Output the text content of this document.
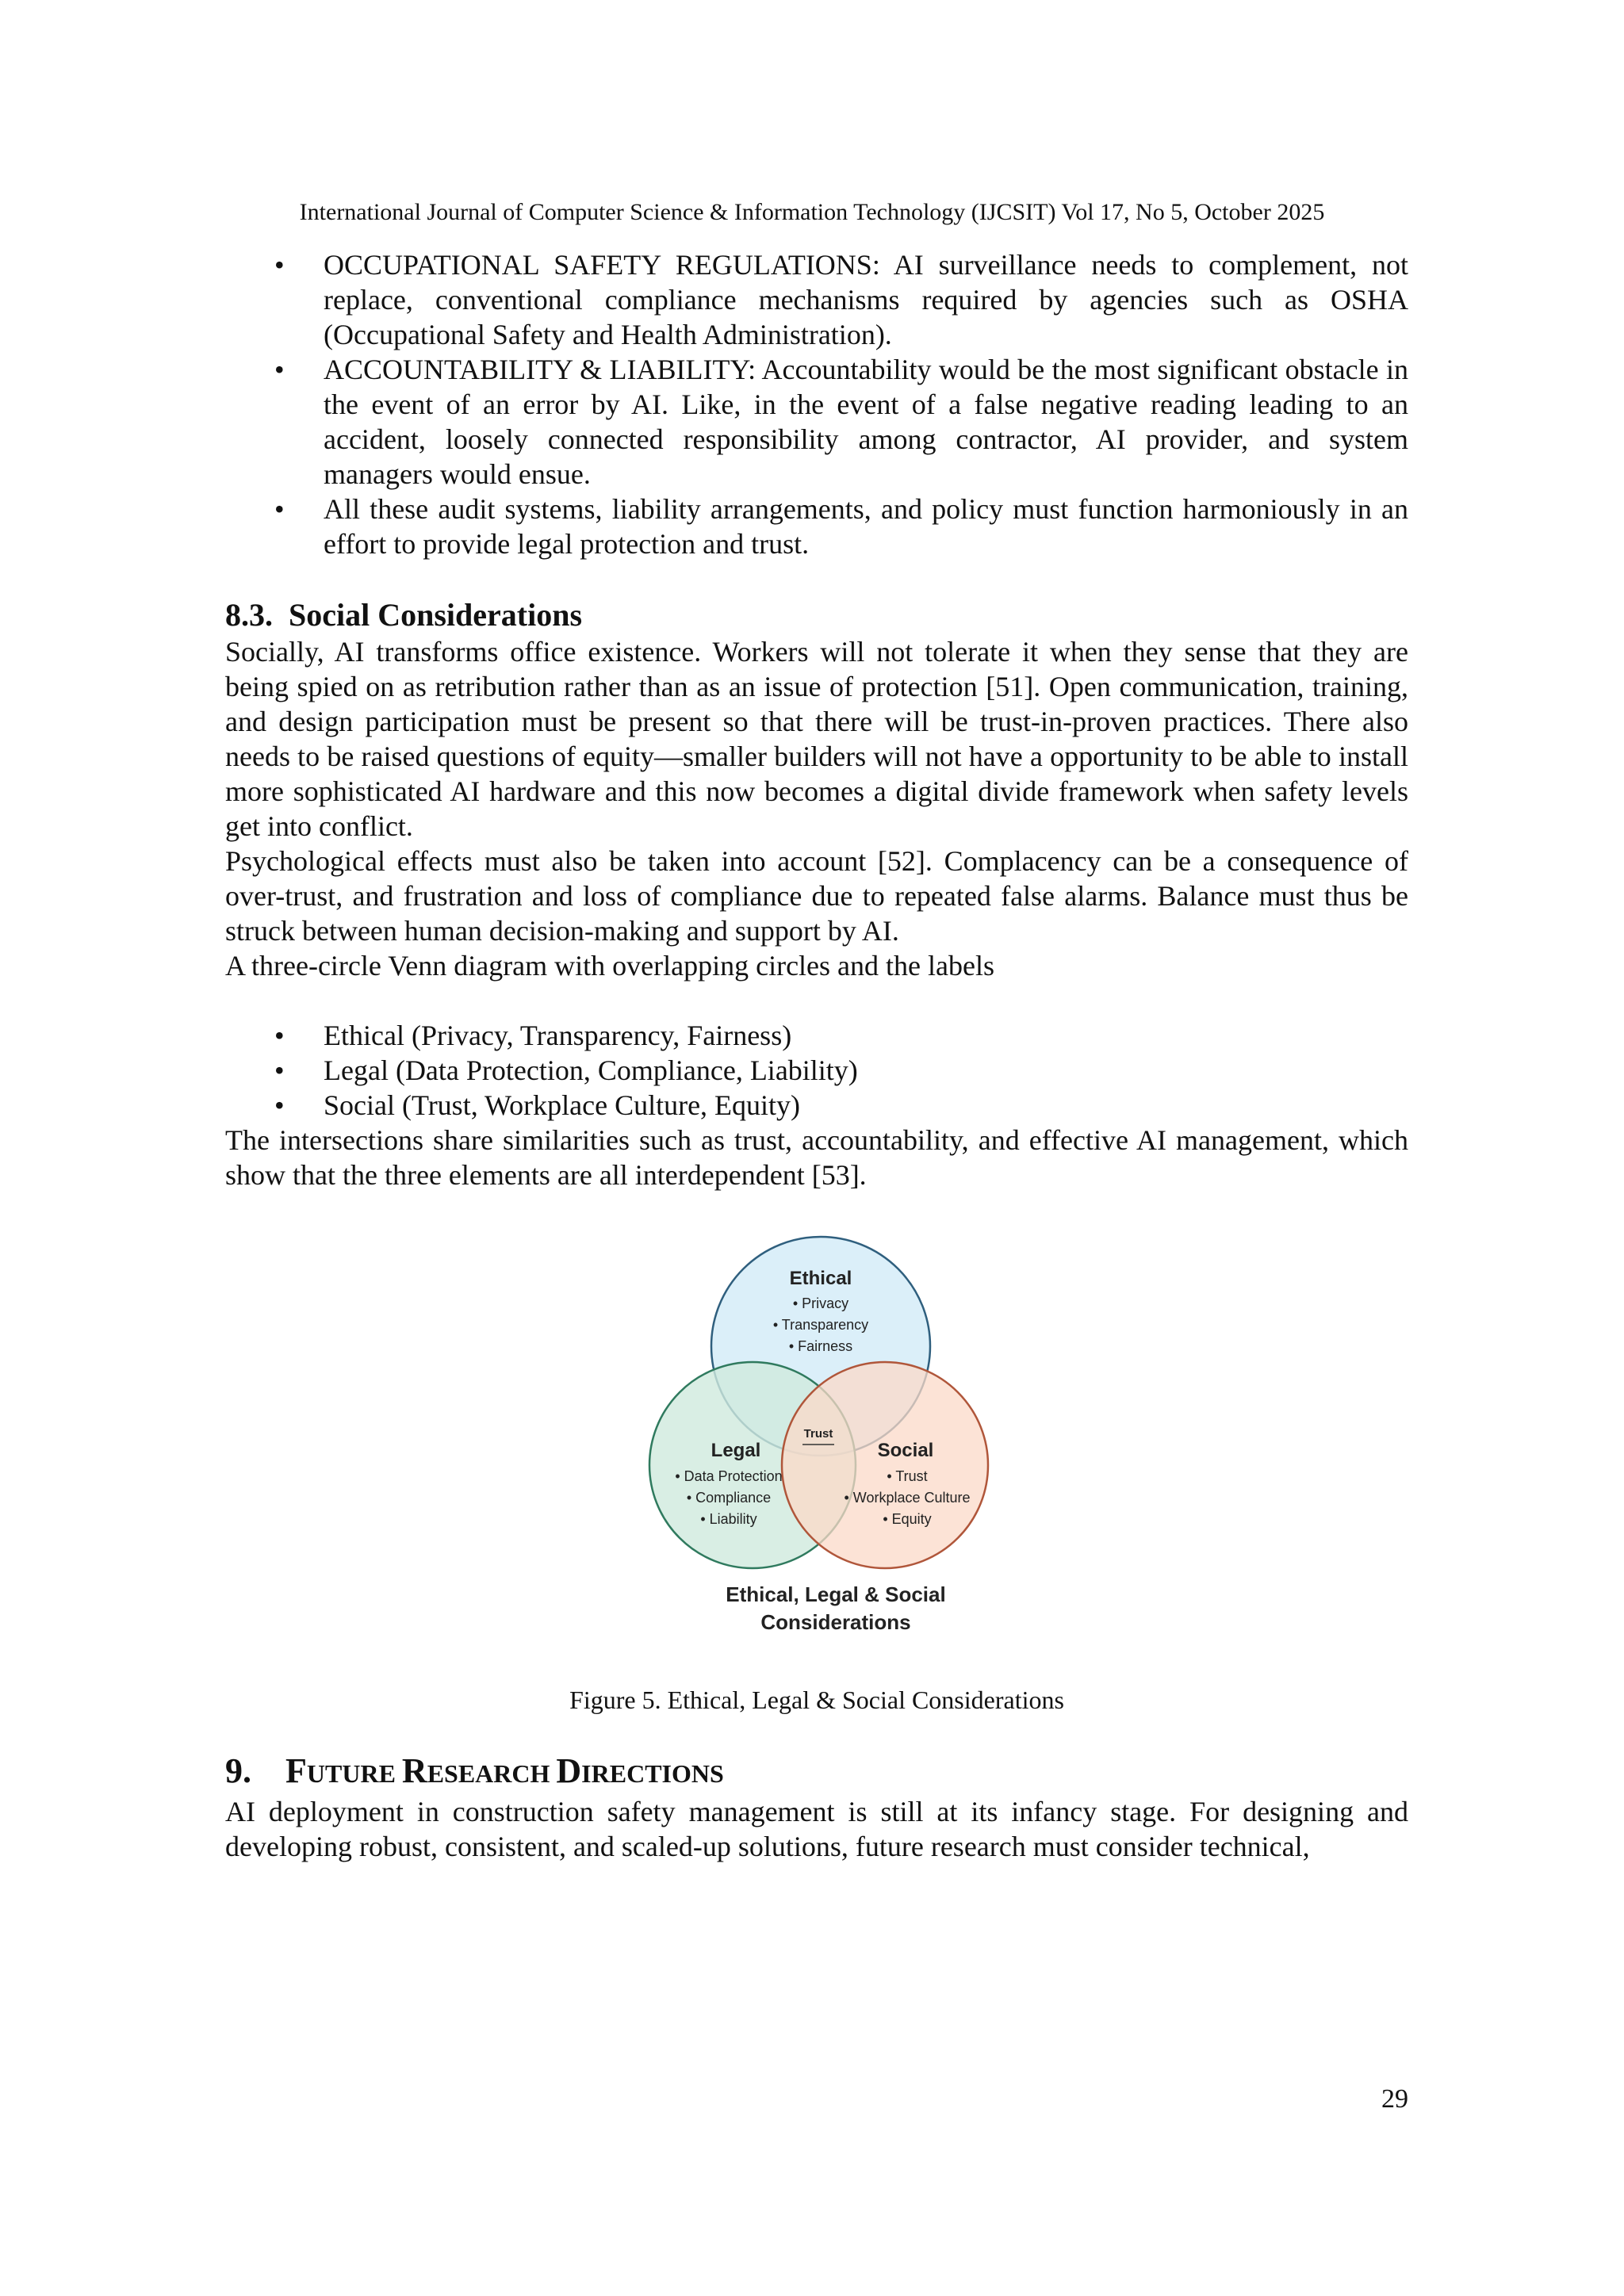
International Journal of Computer Science & Information Technology (IJCSIT) Vol 17, No 5, October 2025
• OCCUPATIONAL SAFETY REGULATIONS: AI surveillance needs to complement, not replace, conventional compliance mechanisms required by agencies such as OSHA (Occupational Safety and Health Administration).
• ACCOUNTABILITY & LIABILITY: Accountability would be the most significant obstacle in the event of an error by AI. Like, in the event of a false negative reading leading to an accident, loosely connected responsibility among contractor, AI provider, and system managers would ensue.
• All these audit systems, liability arrangements, and policy must function harmoniously in an effort to provide legal protection and trust.
8.3. Social Considerations

Socially, AI transforms office existence. Workers will not tolerate it when they sense that they are being spied on as retribution rather than as an issue of protection [51]. Open communication, training, and design participation must be present so that there will be trust-in-proven practices. There also needs to be raised questions of equity—smaller builders will not have a opportunity to be able to install more sophisticated AI hardware and this now becomes a digital divide framework when safety levels get into conflict.

Psychological effects must also be taken into account [52]. Complacency can be a consequence of over-trust, and frustration and loss of compliance due to repeated false alarms. Balance must thus be struck between human decision-making and support by AI.

A three-circle Venn diagram with overlapping circles and the labels

• Ethical (Privacy, Transparency, Fairness)
• Legal (Data Protection, Compliance, Liability)
• Social (Trust, Workplace Culture, Equity)

The intersections share similarities such as trust, accountability, and effective AI management, which show that the three elements are all interdependent [53].

Ethical
• Privacy
• Transparency
• Fairness
Legal
• Data Protection
• Compliance
• Liability
Social
• Trust
• Workplace Culture
• Equity
Trust
Ethical, Legal & Social
Considerations
Figure 5. Ethical, Legal & Social Considerations
9. FUTURE RESEARCH DIRECTIONS

AI deployment in construction safety management is still at its infancy stage. For designing and developing robust, consistent, and scaled-up solutions, future research must consider technical,

29
